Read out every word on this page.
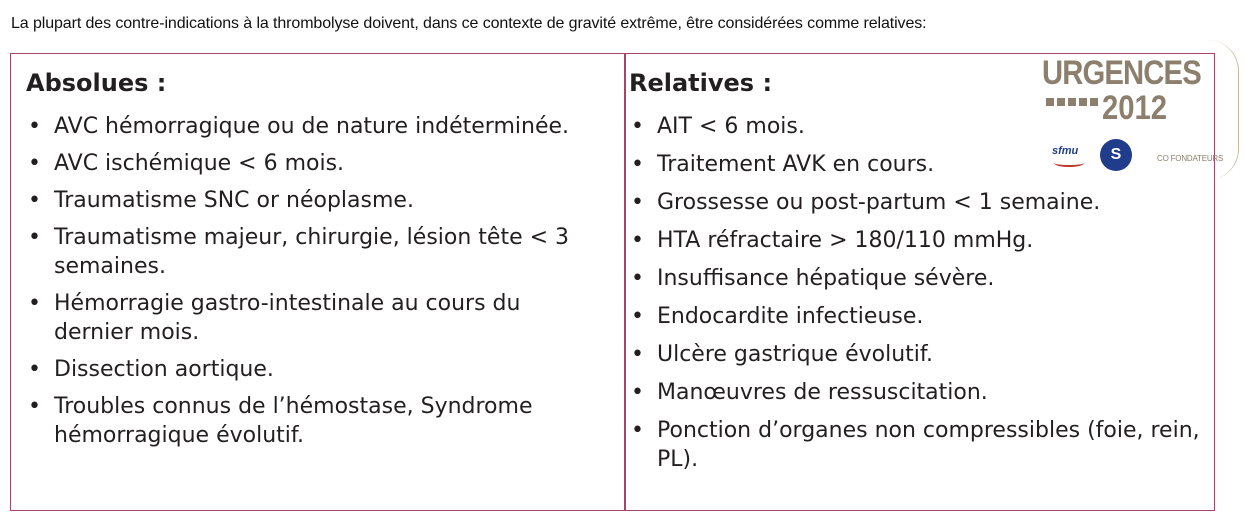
La plupart des contre-indications à la thrombolyse doivent, dans ce contexte de gravité extrême, être considérées comme relatives:

Absolues :
• AVC hémorragique ou de nature indéterminée.
• AVC ischémique < 6 mois.
• Traumatisme SNC or néoplasme.
• Traumatisme majeur, chirurgie, lésion tête < 3 semaines.
• Hémorragie gastro-intestinale au cours du dernier mois.
• Dissection aortique.
• Troubles connus de l’hémostase, Syndrome hémorragique évolutif.
Relatives :
• AIT < 6 mois.
• Traitement AVK en cours.
• Grossesse ou post-partum < 1 semaine.
• HTA réfractaire > 180/110 mmHg.
• Insuffisance hépatique sévère.
• Endocardite infectieuse.
• Ulcère gastrique évolutif.
• Manœuvres de ressuscitation.
• Ponction d’organes non compressibles (foie, rein, PL).

URGENCES

2012

sfmu	S	CO FONDATEURS
